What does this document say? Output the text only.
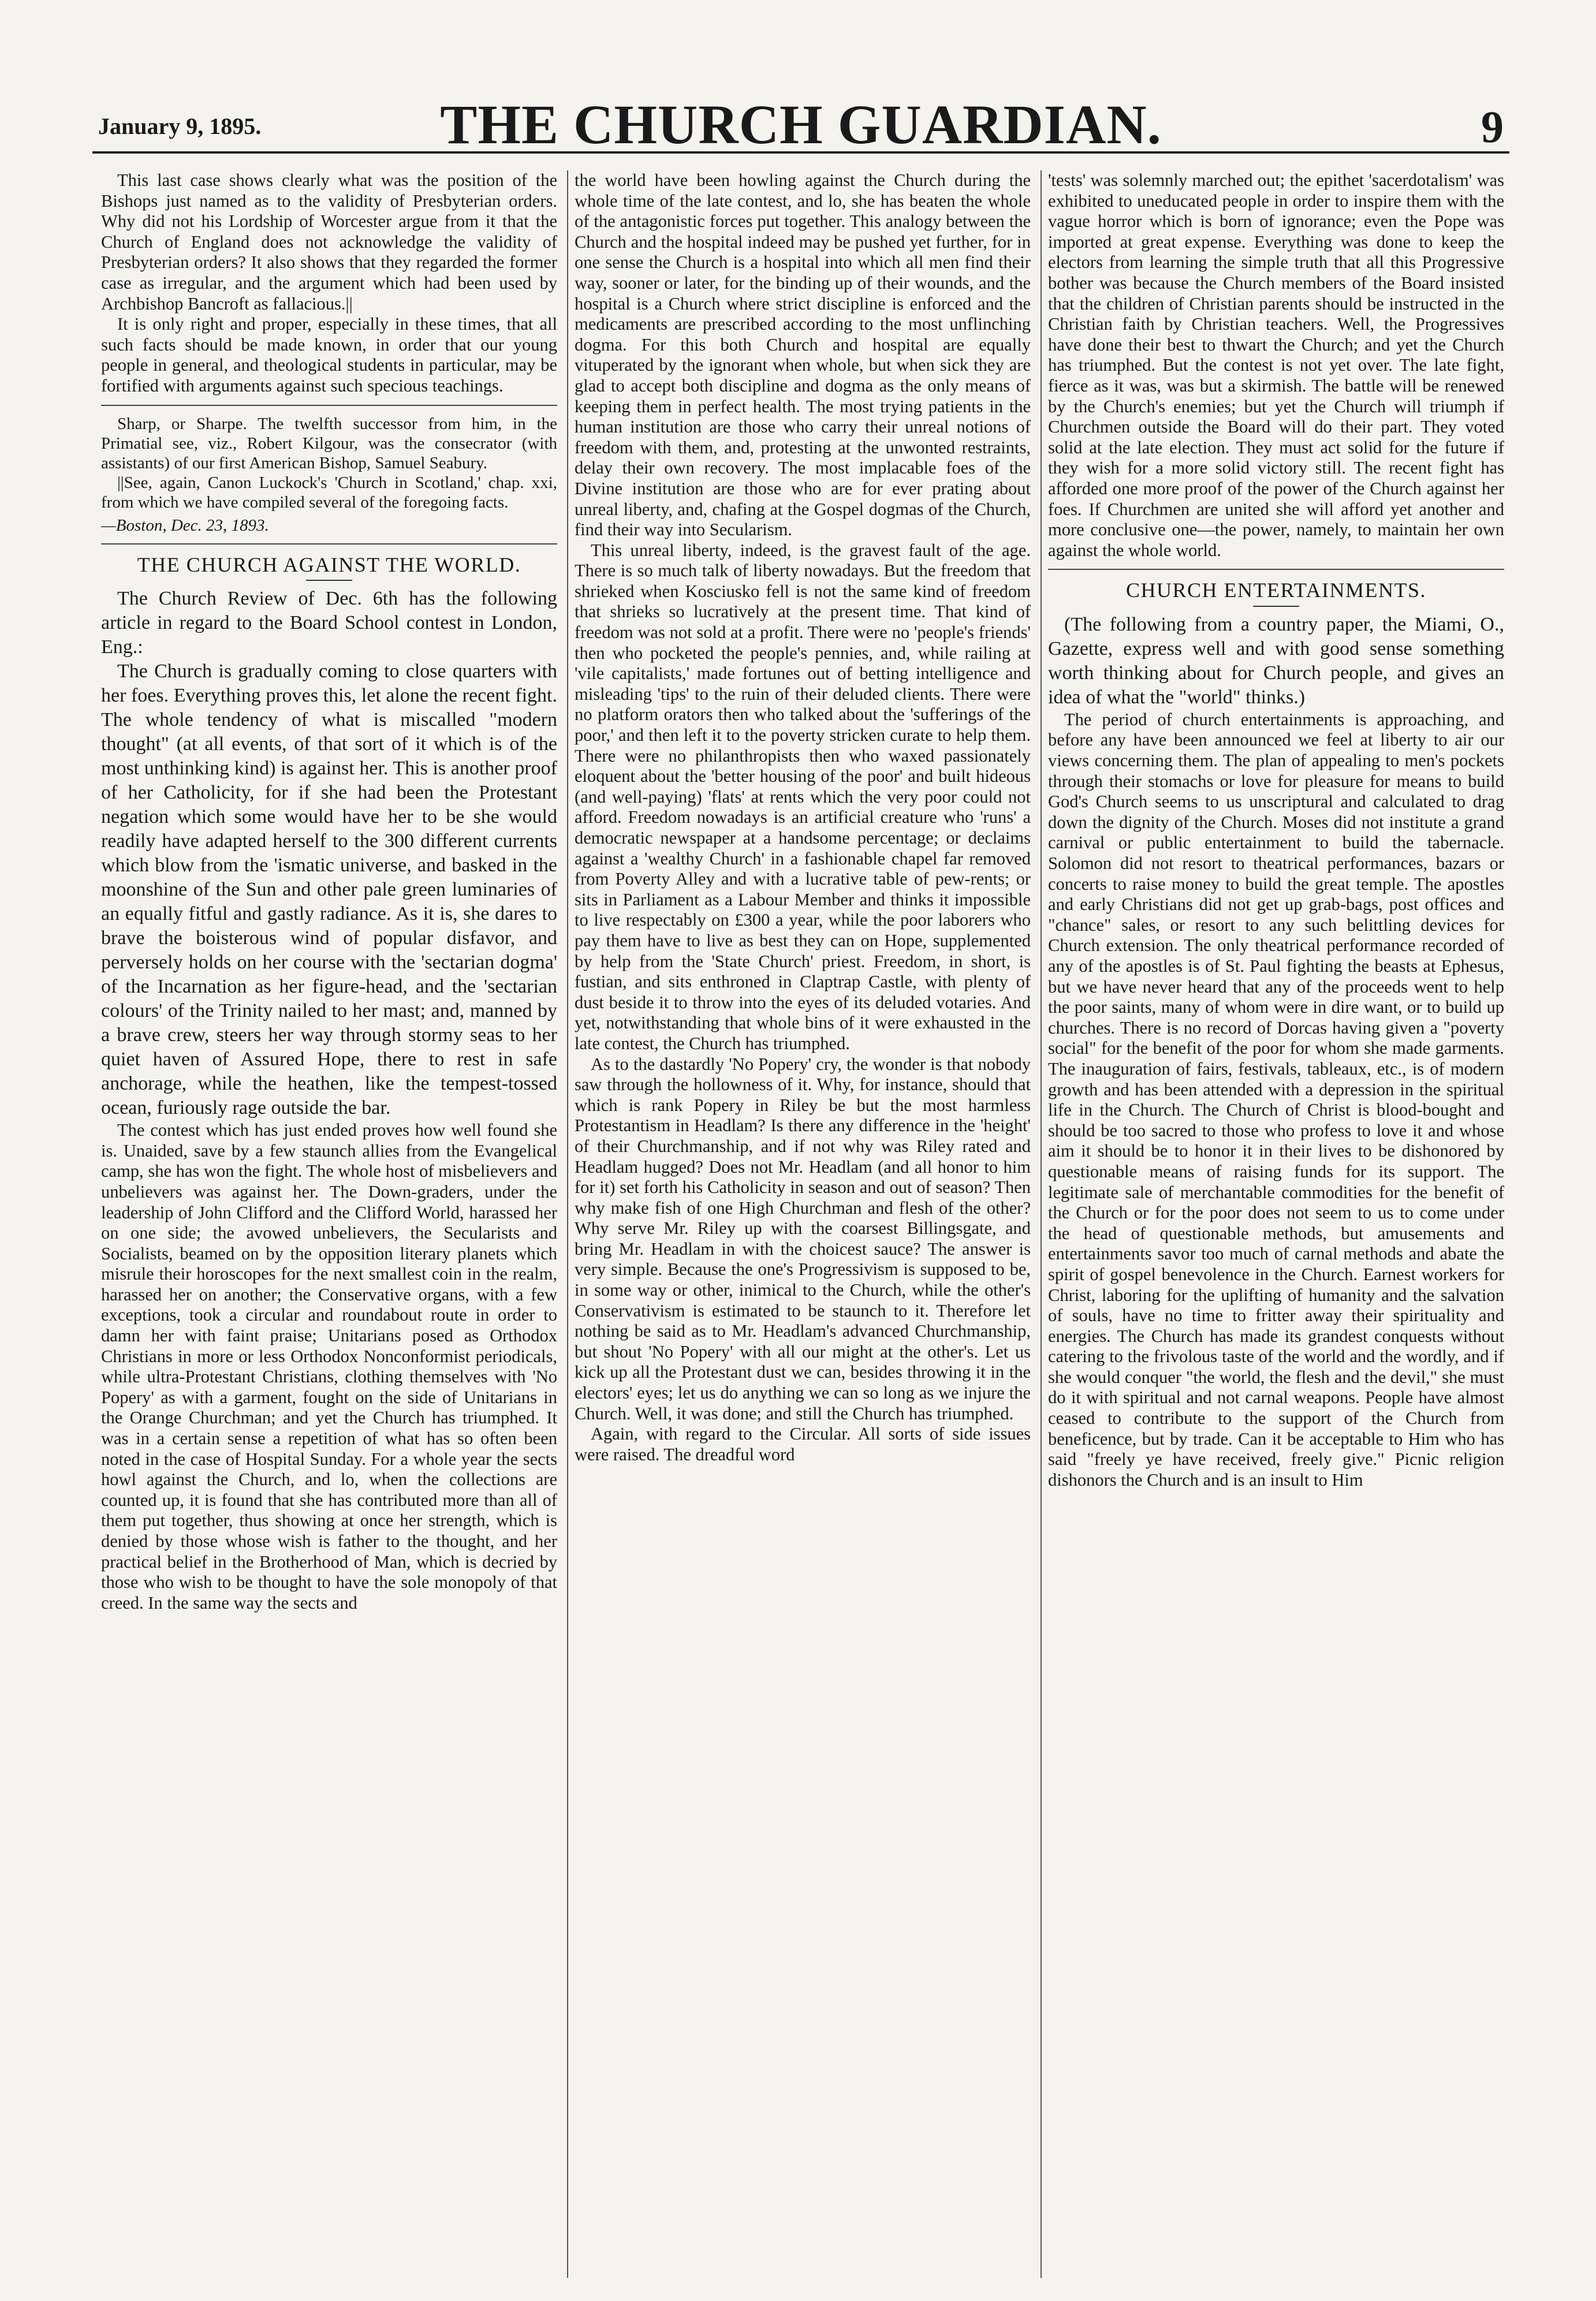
January 9, 1895.	THE CHURCH GUARDIAN.	9

This last case shows clearly what was the position of the Bishops just named as to the validity of Presbyterian orders. Why did not his Lordship of Worcester argue from it that the Church of England does not acknowledge the validity of Presbyterian orders? It also shows that they regarded the former case as irregular, and the argument which had been used by Archbishop Bancroft as fallacious.||

It is only right and proper, especially in these times, that all such facts should be made known, in order that our young people in general, and theological students in particular, may be fortified with arguments against such specious teachings.

Sharp, or Sharpe. The twelfth successor from him, in the Primatial see, viz., Robert Kilgour, was the consecrator (with assistants) of our first American Bishop, Samuel Seabury.

||See, again, Canon Luckock's 'Church in Scotland,' chap. xxi, from which we have compiled several of the foregoing facts.

—Boston, Dec. 23, 1893.

THE CHURCH AGAINST THE WORLD.

The Church Review of Dec. 6th has the following article in regard to the Board School contest in London, Eng.:

The Church is gradually coming to close quarters with her foes. Everything proves this, let alone the recent fight. The whole tendency of what is miscalled "modern thought" (at all events, of that sort of it which is of the most unthinking kind) is against her. This is another proof of her Catholicity, for if she had been the Protestant negation which some would have her to be she would readily have adapted herself to the 300 different currents which blow from the 'ismatic universe, and basked in the moonshine of the Sun and other pale green luminaries of an equally fitful and gastly radiance. As it is, she dares to brave the boisterous wind of popular disfavor, and perversely holds on her course with the 'sectarian dogma' of the Incarnation as her figure-head, and the 'sectarian colours' of the Trinity nailed to her mast; and, manned by a brave crew, steers her way through stormy seas to her quiet haven of Assured Hope, there to rest in safe anchorage, while the heathen, like the tempest-tossed ocean, furiously rage outside the bar.

The contest which has just ended proves how well found she is. Unaided, save by a few staunch allies from the Evangelical camp, she has won the fight. The whole host of misbelievers and unbelievers was against her. The Down-graders, under the leadership of John Clifford and the Clifford World, harassed her on one side; the avowed unbelievers, the Secularists and Socialists, beamed on by the opposition literary planets which misrule their horoscopes for the next smallest coin in the realm, harassed her on another; the Conservative organs, with a few exceptions, took a circular and roundabout route in order to damn her with faint praise; Unitarians posed as Orthodox Christians in more or less Orthodox Nonconformist periodicals, while ultra-Protestant Christians, clothing themselves with 'No Popery' as with a garment, fought on the side of Unitarians in the Orange Churchman; and yet the Church has triumphed. It was in a certain sense a repetition of what has so often been noted in the case of Hospital Sunday. For a whole year the sects howl against the Church, and lo, when the collections are counted up, it is found that she has contributed more than all of them put together, thus showing at once her strength, which is denied by those whose wish is father to the thought, and her practical belief in the Brotherhood of Man, which is decried by those who wish to be thought to have the sole monopoly of that creed. In the same way the sects and

the world have been howling against the Church during the whole time of the late contest, and lo, she has beaten the whole of the antagonistic forces put together. This analogy between the Church and the hospital indeed may be pushed yet further, for in one sense the Church is a hospital into which all men find their way, sooner or later, for the binding up of their wounds, and the hospital is a Church where strict discipline is enforced and the medicaments are prescribed according to the most unflinching dogma. For this both Church and hospital are equally vituperated by the ignorant when whole, but when sick they are glad to accept both discipline and dogma as the only means of keeping them in perfect health. The most trying patients in the human institution are those who carry their unreal notions of freedom with them, and, protesting at the unwonted restraints, delay their own recovery. The most implacable foes of the Divine institution are those who are for ever prating about unreal liberty, and, chafing at the Gospel dogmas of the Church, find their way into Secularism.

This unreal liberty, indeed, is the gravest fault of the age. There is so much talk of liberty nowadays. But the freedom that shrieked when Kosciusko fell is not the same kind of freedom that shrieks so lucratively at the present time. That kind of freedom was not sold at a profit. There were no 'people's friends' then who pocketed the people's pennies, and, while railing at 'vile capitalists,' made fortunes out of betting intelligence and misleading 'tips' to the ruin of their deluded clients. There were no platform orators then who talked about the 'sufferings of the poor,' and then left it to the poverty stricken curate to help them. There were no philanthropists then who waxed passionately eloquent about the 'better housing of the poor' and built hideous (and well-paying) 'flats' at rents which the very poor could not afford. Freedom nowadays is an artificial creature who 'runs' a democratic newspaper at a handsome percentage; or declaims against a 'wealthy Church' in a fashionable chapel far removed from Poverty Alley and with a lucrative table of pew-rents; or sits in Parliament as a Labour Member and thinks it impossible to live respectably on £300 a year, while the poor laborers who pay them have to live as best they can on Hope, supplemented by help from the 'State Church' priest. Freedom, in short, is fustian, and sits enthroned in Claptrap Castle, with plenty of dust beside it to throw into the eyes of its deluded votaries. And yet, notwithstanding that whole bins of it were exhausted in the late contest, the Church has triumphed.

As to the dastardly 'No Popery' cry, the wonder is that nobody saw through the hollowness of it. Why, for instance, should that which is rank Popery in Riley be but the most harmless Protestantism in Headlam? Is there any difference in the 'height' of their Churchmanship, and if not why was Riley rated and Headlam hugged? Does not Mr. Headlam (and all honor to him for it) set forth his Catholicity in season and out of season? Then why make fish of one High Churchman and flesh of the other? Why serve Mr. Riley up with the coarsest Billingsgate, and bring Mr. Headlam in with the choicest sauce? The answer is very simple. Because the one's Progressivism is supposed to be, in some way or other, inimical to the Church, while the other's Conservativism is estimated to be staunch to it. Therefore let nothing be said as to Mr. Headlam's advanced Churchmanship, but shout 'No Popery' with all our might at the other's. Let us kick up all the Protestant dust we can, besides throwing it in the electors' eyes; let us do anything we can so long as we injure the Church. Well, it was done; and still the Church has triumphed.

Again, with regard to the Circular. All sorts of side issues were raised. The dreadful word

'tests' was solemnly marched out; the epithet 'sacerdotalism' was exhibited to uneducated people in order to inspire them with the vague horror which is born of ignorance; even the Pope was imported at great expense. Everything was done to keep the electors from learning the simple truth that all this Progressive bother was because the Church members of the Board insisted that the children of Christian parents should be instructed in the Christian faith by Christian teachers. Well, the Progressives have done their best to thwart the Church; and yet the Church has triumphed. But the contest is not yet over. The late fight, fierce as it was, was but a skirmish. The battle will be renewed by the Church's enemies; but yet the Church will triumph if Churchmen outside the Board will do their part. They voted solid at the late election. They must act solid for the future if they wish for a more solid victory still. The recent fight has afforded one more proof of the power of the Church against her foes. If Churchmen are united she will afford yet another and more conclusive one—the power, namely, to maintain her own against the whole world.

CHURCH ENTERTAINMENTS.

(The following from a country paper, the Miami, O., Gazette, express well and with good sense something worth thinking about for Church people, and gives an idea of what the "world" thinks.)

The period of church entertainments is approaching, and before any have been announced we feel at liberty to air our views concerning them. The plan of appealing to men's pockets through their stomachs or love for pleasure for means to build God's Church seems to us unscriptural and calculated to drag down the dignity of the Church. Moses did not institute a grand carnival or public entertainment to build the tabernacle. Solomon did not resort to theatrical performances, bazars or concerts to raise money to build the great temple. The apostles and early Christians did not get up grab-bags, post offices and "chance" sales, or resort to any such belittling devices for Church extension. The only theatrical performance recorded of any of the apostles is of St. Paul fighting the beasts at Ephesus, but we have never heard that any of the proceeds went to help the poor saints, many of whom were in dire want, or to build up churches. There is no record of Dorcas having given a "poverty social" for the benefit of the poor for whom she made garments. The inauguration of fairs, festivals, tableaux, etc., is of modern growth and has been attended with a depression in the spiritual life in the Church. The Church of Christ is blood-bought and should be too sacred to those who profess to love it and whose aim it should be to honor it in their lives to be dishonored by questionable means of raising funds for its support. The legitimate sale of merchantable commodities for the benefit of the Church or for the poor does not seem to us to come under the head of questionable methods, but amusements and entertainments savor too much of carnal methods and abate the spirit of gospel benevolence in the Church. Earnest workers for Christ, laboring for the uplifting of humanity and the salvation of souls, have no time to fritter away their spirituality and energies. The Church has made its grandest conquests without catering to the frivolous taste of the world and the wordly, and if she would conquer "the world, the flesh and the devil," she must do it with spiritual and not carnal weapons. People have almost ceased to contribute to the support of the Church from beneficence, but by trade. Can it be acceptable to Him who has said "freely ye have received, freely give." Picnic religion dishonors the Church and is an insult to Him
